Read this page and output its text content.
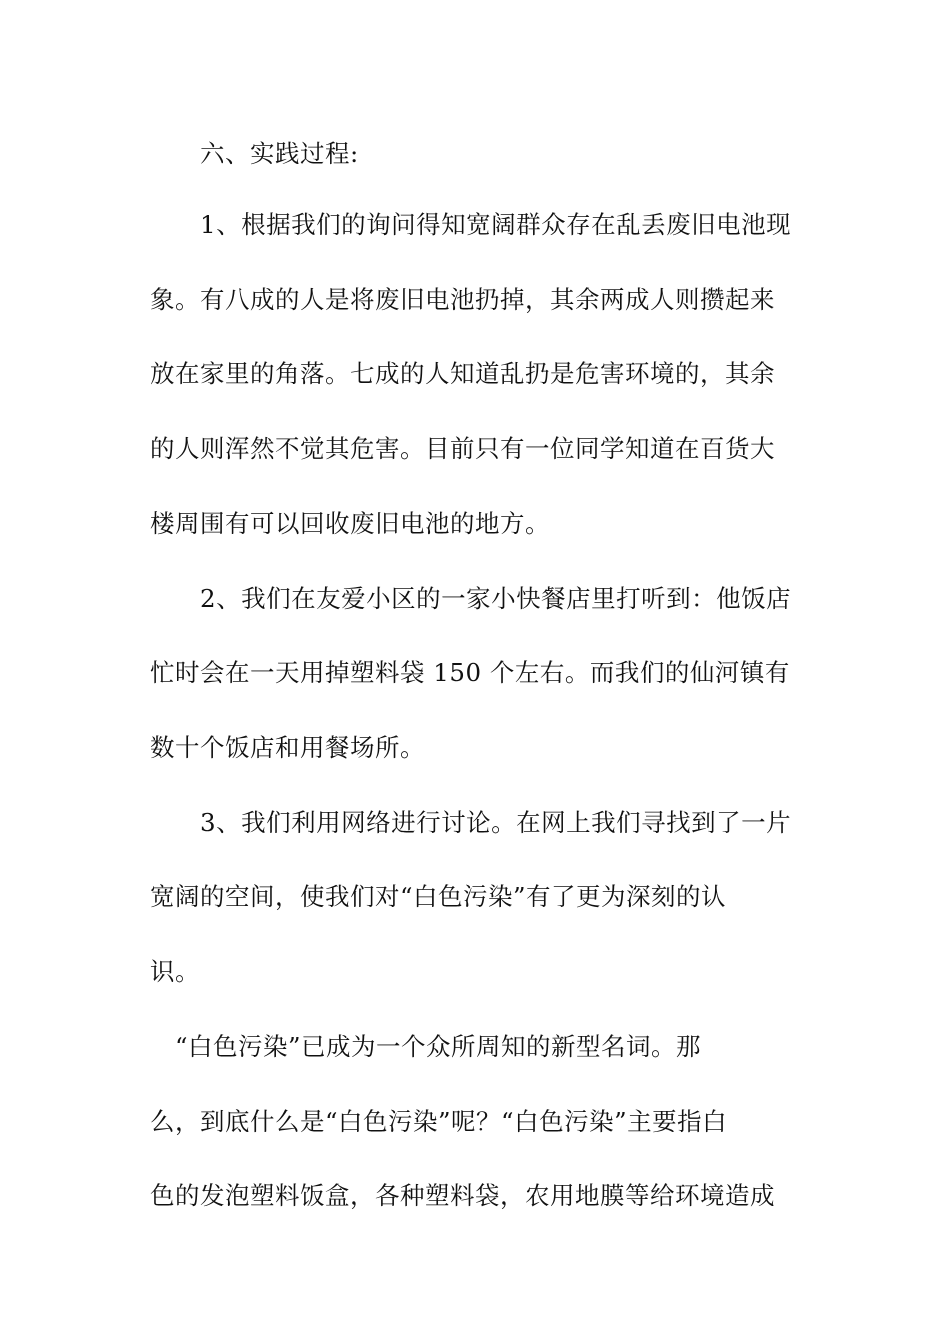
六、实践过程:
1、根据我们的询问得知宽阔群众存在乱丢废旧电池现
象。有八成的人是将废旧电池扔掉，其余两成人则攒起来
放在家里的角落。七成的人知道乱扔是危害环境的，其余
的人则浑然不觉其危害。目前只有一位同学知道在百货大
楼周围有可以回收废旧电池的地方。
2、我们在友爱小区的一家小快餐店里打听到：他饭店
忙时会在一天用掉塑料袋 150 个左右。而我们的仙河镇有
数十个饭店和用餐场所。
3、我们利用网络进行讨论。在网上我们寻找到了一片
宽阔的空间，使我们对“白色污染”有了更为深刻的认
识。
“白色污染”已成为一个众所周知的新型名词。那
么，到底什么是“白色污染”呢？“白色污染”主要指白
色的发泡塑料饭盒，各种塑料袋，农用地膜等给环境造成
